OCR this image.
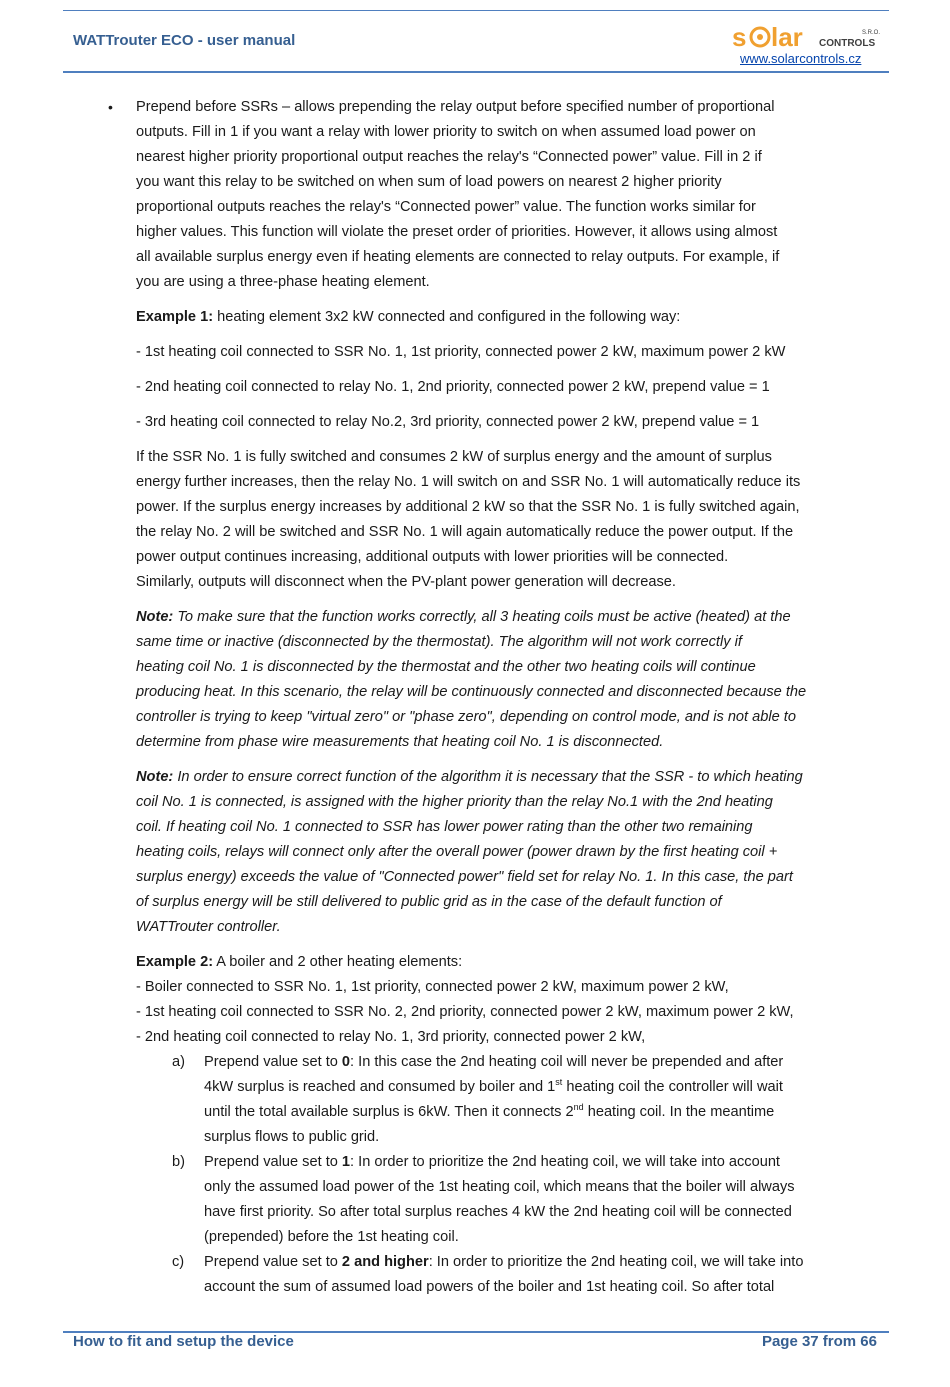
WATTrouter ECO - user manual	s lar CONTROLS
S.R.O.
www.solarcontrols.cz
• Prepend before SSRs – allows prepending the relay output before specified number of proportional

outputs. Fill in 1 if you want a relay with lower priority to switch on when assumed load power on

nearest higher priority proportional output reaches the relay's “Connected power” value. Fill in 2 if

you want this relay to be switched on when sum of load powers on nearest 2 higher priority

proportional outputs reaches the relay's “Connected power” value. The function works similar for

higher values. This function will violate the preset order of priorities. However, it allows using almost

all available surplus energy even if heating elements are connected to relay outputs. For example, if

you are using a three-phase heating element.

Example 1: heating element 3x2 kW connected and configured in the following way:

- 1st heating coil connected to SSR No. 1, 1st priority, connected power 2 kW, maximum power 2 kW

- 2nd heating coil connected to relay No. 1, 2nd priority, connected power 2 kW, prepend value = 1

- 3rd heating coil connected to relay No.2, 3rd priority, connected power 2 kW, prepend value = 1

If the SSR No. 1 is fully switched and consumes 2 kW of surplus energy and the amount of surplus

energy further increases, then the relay No. 1 will switch on and SSR No. 1 will automatically reduce its

power. If the surplus energy increases by additional 2 kW so that the SSR No. 1 is fully switched again,

the relay No. 2 will be switched and SSR No. 1 will again automatically reduce the power output. If the

power output continues increasing, additional outputs with lower priorities will be connected.

Similarly, outputs will disconnect when the PV-plant power generation will decrease.

Note: To make sure that the function works correctly, all 3 heating coils must be active (heated) at the

same time or inactive (disconnected by the thermostat). The algorithm will not work correctly if

heating coil No. 1 is disconnected by the thermostat and the other two heating coils will continue

producing heat. In this scenario, the relay will be continuously connected and disconnected because the

controller is trying to keep "virtual zero" or "phase zero", depending on control mode, and is not able to

determine from phase wire measurements that heating coil No. 1 is disconnected.

Note: In order to ensure correct function of the algorithm it is necessary that the SSR - to which heating

coil No. 1 is connected, is assigned with the higher priority than the relay No.1 with the 2nd heating

coil. If heating coil No. 1 connected to SSR has lower power rating than the other two remaining

heating coils, relays will connect only after the overall power (power drawn by the first heating coil +

surplus energy) exceeds the value of "Connected power" field set for relay No. 1. In this case, the part

of surplus energy will be still delivered to public grid as in the case of the default function of

WATTrouter controller.

Example 2: A boiler and 2 other heating elements:

- Boiler connected to SSR No. 1, 1st priority, connected power 2 kW, maximum power 2 kW,

- 1st heating coil connected to SSR No. 2, 2nd priority, connected power 2 kW, maximum power 2 kW,

- 2nd heating coil connected to relay No. 1, 3rd priority, connected power 2 kW,

a) Prepend value set to 0: In this case the 2nd heating coil will never be prepended and after

4kW surplus is reached and consumed by boiler and 1st heating coil the controller will wait

until the total available surplus is 6kW. Then it connects 2nd heating coil. In the meantime

surplus flows to public grid.

b) Prepend value set to 1: In order to prioritize the 2nd heating coil, we will take into account

only the assumed load power of the 1st heating coil, which means that the boiler will always

have first priority. So after total surplus reaches 4 kW the 2nd heating coil will be connected

(prepended) before the 1st heating coil.

c) Prepend value set to 2 and higher: In order to prioritize the 2nd heating coil, we will take into

account the sum of assumed load powers of the boiler and 1st heating coil. So after total

How to fit and setup the device	Page 37 from 66
